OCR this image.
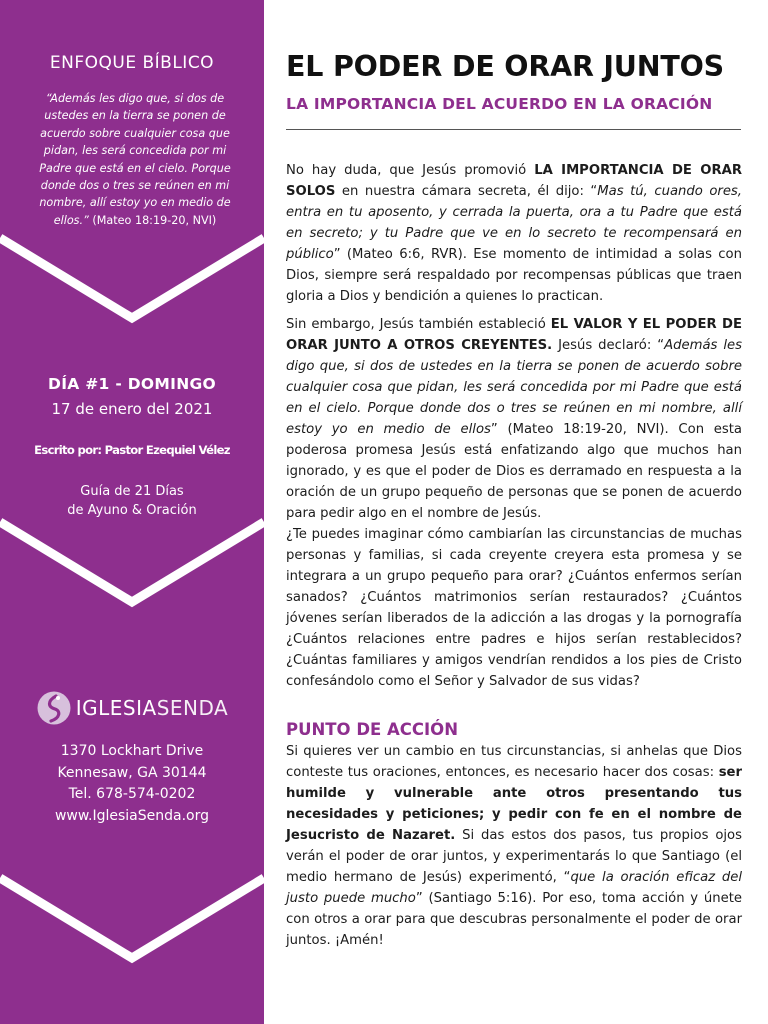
ENFOQUE BÍBLICO
“Además les digo que, si dos de ustedes en la tierra se ponen de acuerdo sobre cualquier cosa que pidan, les será concedida por mi Padre que está en el cielo. Porque donde dos o tres se reúnen en mi nombre, allí estoy yo en medio de ellos.” (Mateo 18:19-20, NVI)
DÍA #1 - DOMINGO
17 de enero del 2021
Escrito por: Pastor Ezequiel Vélez
Guía de 21 Días
de Ayuno & Oración
IGLESIASENDA
1370 Lockhart Drive
Kennesaw, GA 30144
Tel. 678-574-0202
www.IglesiaSenda.org
EL PODER DE ORAR JUNTOS
LA IMPORTANCIA DEL ACUERDO EN LA ORACIÓN

No hay duda, que Jesús promovió LA IMPORTANCIA DE ORAR SOLOS en nuestra cámara secreta, él dijo: “Mas tú, cuando ores, entra en tu aposento, y cerrada la puerta, ora a tu Padre que está en secreto; y tu Padre que ve en lo secreto te recompensará en público” (Mateo 6:6, RVR). Ese momento de intimidad a solas con Dios, siempre será respaldado por recompensas públicas que traen gloria a Dios y bendición a quienes lo practican.

Sin embargo, Jesús también estableció EL VALOR Y EL PODER DE ORAR JUNTO A OTROS CREYENTES. Jesús declaró: “Además les digo que, si dos de ustedes en la tierra se ponen de acuerdo sobre cualquier cosa que pidan, les será concedida por mi Padre que está en el cielo. Porque donde dos o tres se reúnen en mi nombre, allí estoy yo en medio de ellos” (Mateo 18:19-20, NVI). Con esta poderosa promesa Jesús está enfatizando algo que muchos han ignorado, y es que el poder de Dios es derramado en respuesta a la oración de un grupo pequeño de personas que se ponen de acuerdo para pedir algo en el nombre de Jesús.

¿Te puedes imaginar cómo cambiarían las circunstancias de muchas personas y familias, si cada creyente creyera esta promesa y se integrara a un grupo pequeño para orar? ¿Cuántos enfermos serían sanados? ¿Cuántos matrimonios serían restaurados? ¿Cuántos jóvenes serían liberados de la adicción a las drogas y la pornografía ¿Cuántos relaciones entre padres e hijos serían restablecidos? ¿Cuántas familiares y amigos vendrían rendidos a los pies de Cristo confesándolo como el Señor y Salvador de sus vidas?

PUNTO DE ACCIÓN

Si quieres ver un cambio en tus circunstancias, si anhelas que Dios conteste tus oraciones, entonces, es necesario hacer dos cosas: ser humilde y vulnerable ante otros presentando tus necesidades y peticiones; y pedir con fe en el nombre de Jesucristo de Nazaret. Si das estos dos pasos, tus propios ojos verán el poder de orar juntos, y experimentarás lo que Santiago (el medio hermano de Jesús) experimentó, “que la oración eficaz del justo puede mucho” (Santiago 5:16). Por eso, toma acción y únete con otros a orar para que descubras personalmente el poder de orar juntos. ¡Amén!
